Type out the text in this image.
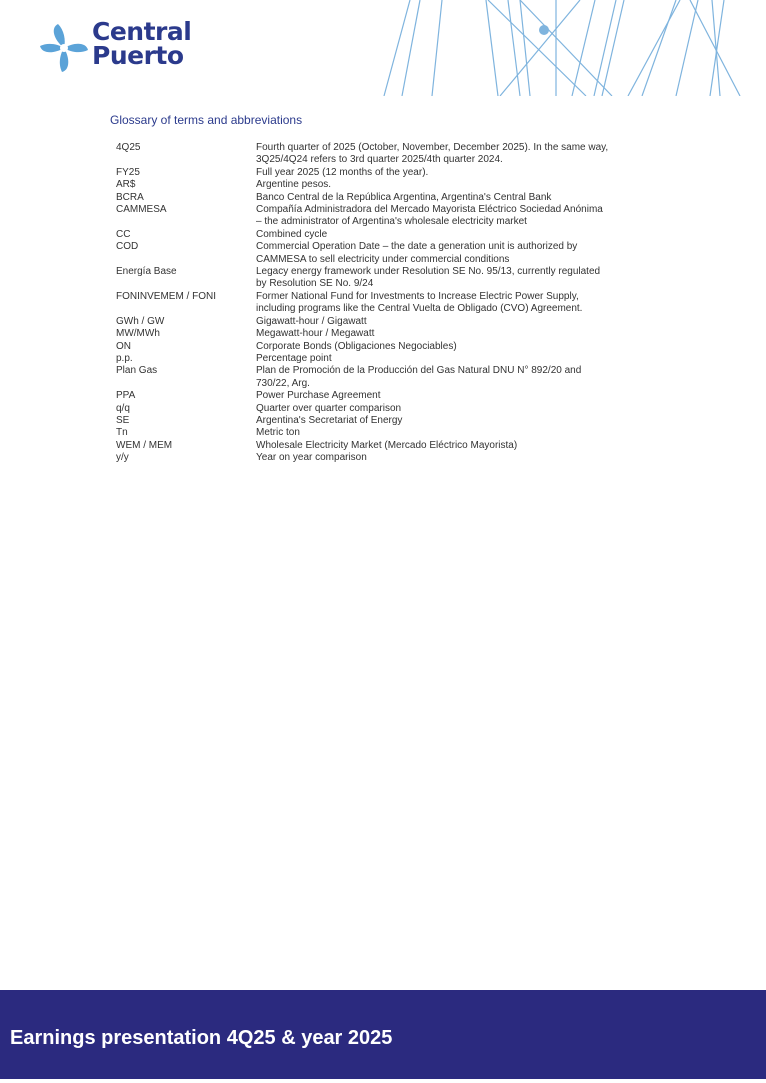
Central
Puerto
Glossary of terms and abbreviations
4Q25	Fourth quarter of 2025 (October, November, December 2025). In the same way,
3Q25/4Q24 refers to 3rd quarter 2025/4th quarter 2024.
FY25	Full year 2025 (12 months of the year).
AR$	Argentine pesos.
BCRA	Banco Central de la República Argentina, Argentina's Central Bank
CAMMESA	Compañía Administradora del Mercado Mayorista Eléctrico Sociedad Anónima
– the administrator of Argentina's wholesale electricity market
CC	Combined cycle
COD	Commercial Operation Date – the date a generation unit is authorized by
CAMMESA to sell electricity under commercial conditions
Energía Base	Legacy energy framework under Resolution SE No. 95/13, currently regulated
by Resolution SE No. 9/24
FONINVEMEM / FONI	Former National Fund for Investments to Increase Electric Power Supply,
including programs like the Central Vuelta de Obligado (CVO) Agreement.
GWh / GW	Gigawatt-hour / Gigawatt
MW/MWh	Megawatt-hour / Megawatt
ON	Corporate Bonds (Obligaciones Negociables)
p.p.	Percentage point
Plan Gas	Plan de Promoción de la Producción del Gas Natural DNU N° 892/20 and
730/22, Arg.
PPA	Power Purchase Agreement
q/q	Quarter over quarter comparison
SE	Argentina's Secretariat of Energy
Tn	Metric ton
WEM / MEM	Wholesale Electricity Market (Mercado Eléctrico Mayorista)
y/y	Year on year comparison
Earnings presentation 4Q25 & year 2025
